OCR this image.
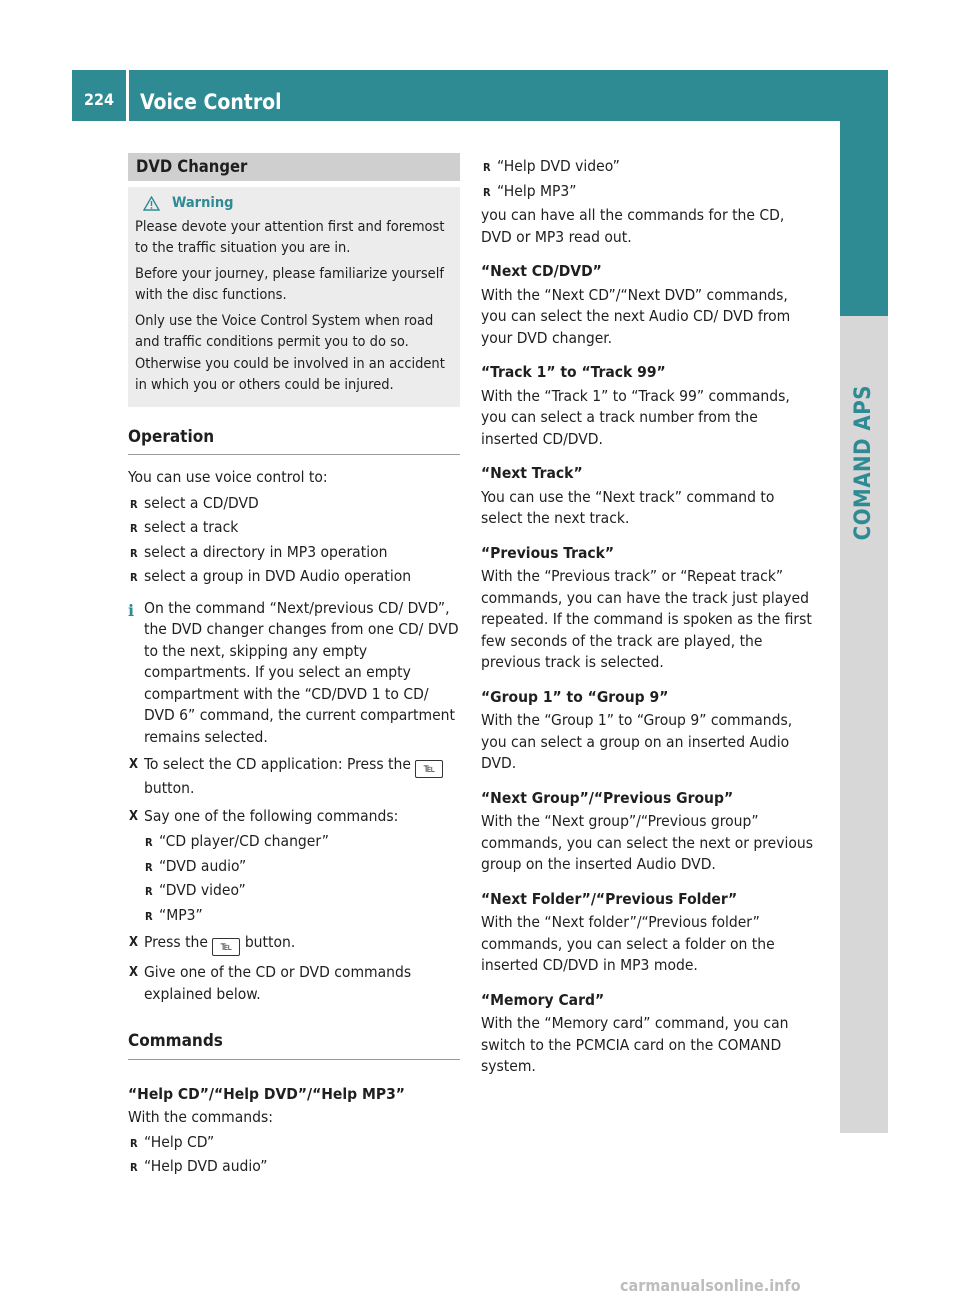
224	Voice Control
COMAND APS
DVD Changer
Warning

Please devote your attention first and foremost to the traffic situation you are in.

Before your journey, please familiarize yourself with the disc functions.

Only use the Voice Control System when road and traffic conditions permit you to do so. Otherwise you could be involved in an accident in which you or others could be injured.

Operation
You can use voice control to:
R select a CD/DVD
R select a track
R select a directory in MP3 operation
R select a group in DVD Audio operation
i On the command “Next/previous CD/ DVD”, the DVD changer changes from one CD/ DVD to the next, skipping any empty compartments. If you select an empty compartment with the “CD/DVD 1 to CD/ DVD 6” command, the current compartment remains selected.
X To select the CD application: Press the ℡ button.
X Say one of the following commands:
R “CD player/CD changer”
R “DVD audio”
R “DVD video”
R “MP3”
X Press the ℡ button.
X Give one of the CD or DVD commands explained below.
Commands
“Help CD”/“Help DVD”/“Help MP3”
With the commands:
R “Help CD”
R “Help DVD audio”
R “Help DVD video”
R “Help MP3”
you can have all the commands for the CD, DVD or MP3 read out.
“Next CD/DVD”
With the “Next CD”/“Next DVD” commands, you can select the next Audio CD/ DVD from your DVD changer.
“Track 1” to “Track 99”
With the “Track 1” to “Track 99” commands, you can select a track number from the inserted CD/DVD.
“Next Track”
You can use the “Next track” command to select the next track.
“Previous Track”
With the “Previous track” or “Repeat track” commands, you can have the track just played repeated. If the command is spoken as the first few seconds of the track are played, the previous track is selected.
“Group 1” to “Group 9”
With the “Group 1” to “Group 9” commands, you can select a group on an inserted Audio DVD.
“Next Group”/“Previous Group”
With the “Next group”/“Previous group” commands, you can select the next or previous group on the inserted Audio DVD.
“Next Folder”/“Previous Folder”
With the “Next folder”/“Previous folder” commands, you can select a folder on the inserted CD/DVD in MP3 mode.
“Memory Card”
With the “Memory card” command, you can switch to the PCMCIA card on the COMAND system.
carmanualsonline.info
